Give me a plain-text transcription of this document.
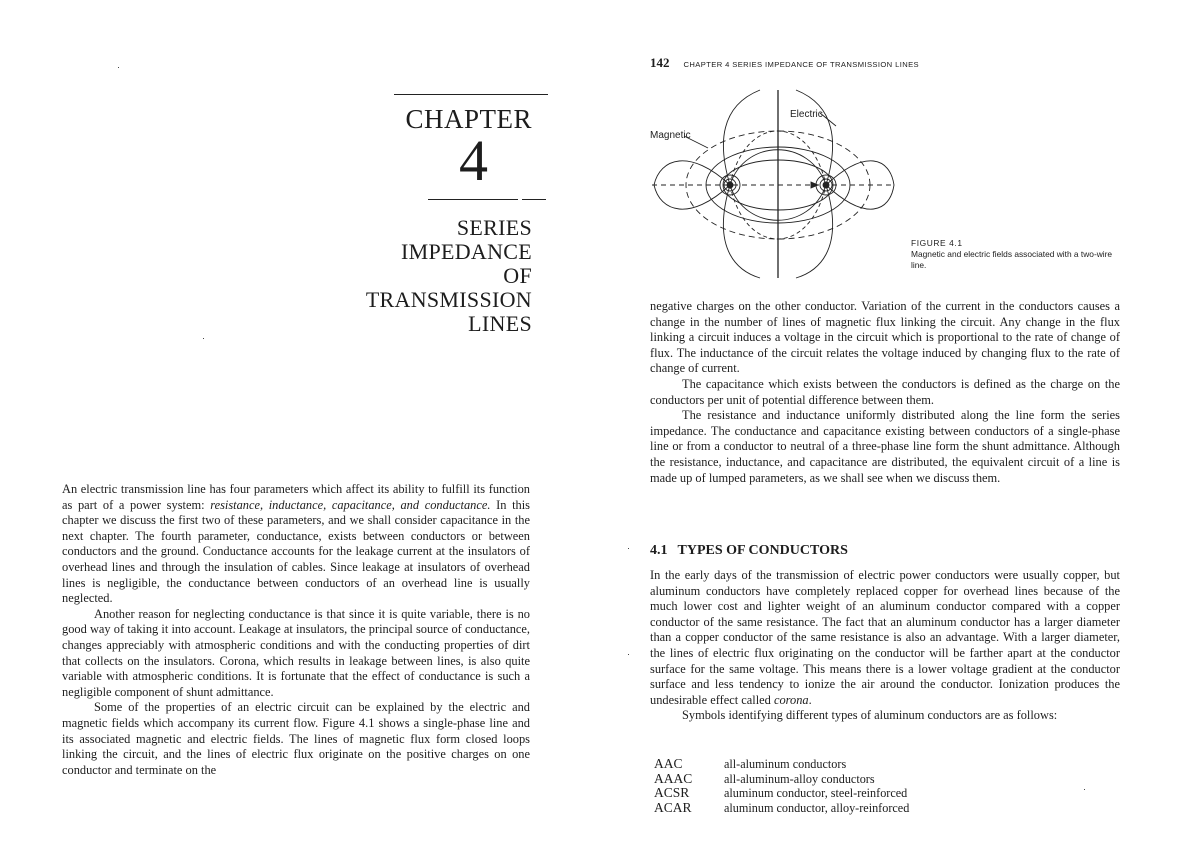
CHAPTER
4
SERIES
IMPEDANCE
OF
TRANSMISSION
LINES

An electric transmission line has four parameters which affect its ability to fulfill its function as part of a power system: resistance, inductance, capacitance, and conductance. In this chapter we discuss the first two of these parameters, and we shall consider capacitance in the next chapter. The fourth parameter, conductance, exists between conductors or between conductors and the ground. Conductance accounts for the leakage current at the insulators of overhead lines and through the insulation of cables. Since leakage at insulators of overhead lines is negligible, the conductance between conductors of an overhead line is usually neglected.

Another reason for neglecting conductance is that since it is quite variable, there is no good way of taking it into account. Leakage at insulators, the principal source of conductance, changes appreciably with atmospheric conditions and with the conducting properties of dirt that collects on the insulators. Corona, which results in leakage between lines, is also quite variable with atmospheric conditions. It is fortunate that the effect of conductance is such a negligible component of shunt admittance.

Some of the properties of an electric circuit can be explained by the electric and magnetic fields which accompany its current flow. Figure 4.1 shows a single-phase line and its associated magnetic and electric fields. The lines of magnetic flux form closed loops linking the circuit, and the lines of electric flux originate on the positive charges on one conductor and terminate on the

142 CHAPTER 4 SERIES IMPEDANCE OF TRANSMISSION LINES
Electric
Magnetic
FIGURE 4.1
Magnetic and electric fields associated with a two-wire line.

negative charges on the other conductor. Variation of the current in the conductors causes a change in the number of lines of magnetic flux linking the circuit. Any change in the flux linking a circuit induces a voltage in the circuit which is proportional to the rate of change of flux. The inductance of the circuit relates the voltage induced by changing flux to the rate of change of current.

The capacitance which exists between the conductors is defined as the charge on the conductors per unit of potential difference between them.

The resistance and inductance uniformly distributed along the line form the series impedance. The conductance and capacitance existing between conductors of a single-phase line or from a conductor to neutral of a three-phase line form the shunt admittance. Although the resistance, inductance, and capacitance are distributed, the equivalent circuit of a line is made up of lumped parameters, as we shall see when we discuss them.

4.1 TYPES OF CONDUCTORS

In the early days of the transmission of electric power conductors were usually copper, but aluminum conductors have completely replaced copper for overhead lines because of the much lower cost and lighter weight of an aluminum conductor compared with a copper conductor of the same resistance. The fact that an aluminum conductor has a larger diameter than a copper conductor of the same resistance is also an advantage. With a larger diameter, the lines of electric flux originating on the conductor will be farther apart at the conductor surface for the same voltage. This means there is a lower voltage gradient at the conductor surface and less tendency to ionize the air around the conductor. Ionization produces the undesirable effect called corona.

Symbols identifying different types of aluminum conductors are as follows:

AAC	all-aluminum conductors
AAAC	all-aluminum-alloy conductors
ACSR	aluminum conductor, steel-reinforced
ACAR	aluminum conductor, alloy-reinforced
